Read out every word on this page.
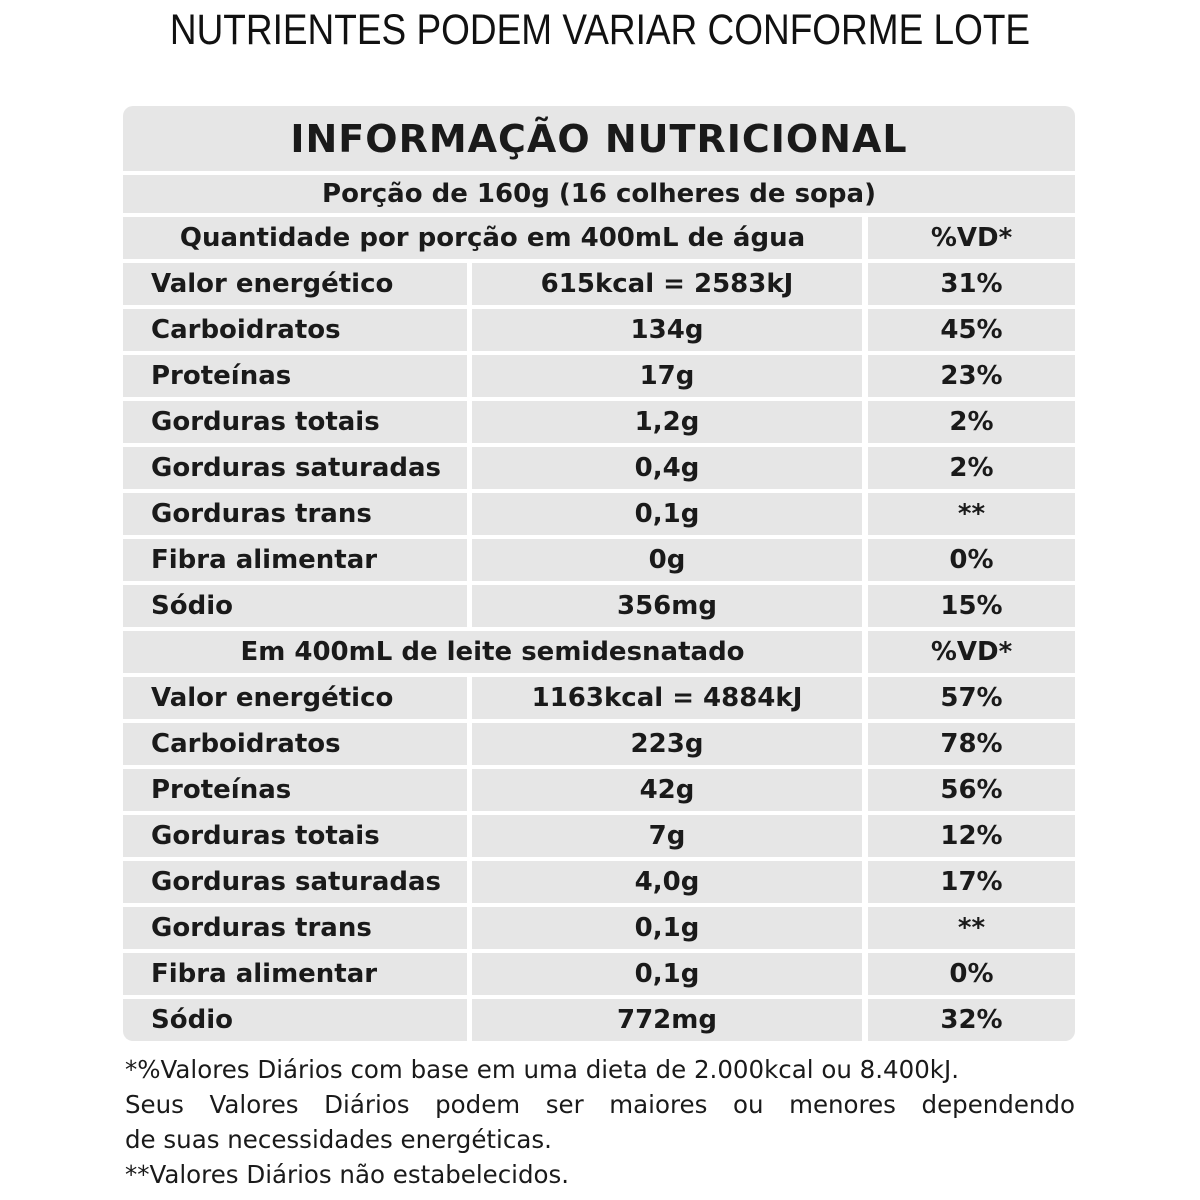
NUTRIENTES PODEM VARIAR CONFORME LOTE
INFORMAÇÃO NUTRICIONAL
Porção de 160g (16 colheres de sopa)
Quantidade por porção em 400mL de água	%VD*
Valor energético	615kcal = 2583kJ	31%
Carboidratos	134g	45%
Proteínas	17g	23%
Gorduras totais	1,2g	2%
Gorduras saturadas	0,4g	2%
Gorduras trans	0,1g	**
Fibra alimentar	0g	0%
Sódio	356mg	15%
Em 400mL de leite semidesnatado	%VD*
Valor energético	1163kcal = 4884kJ	57%
Carboidratos	223g	78%
Proteínas	42g	56%
Gorduras totais	7g	12%
Gorduras saturadas	4,0g	17%
Gorduras trans	0,1g	**
Fibra alimentar	0,1g	0%
Sódio	772mg	32%
*%Valores Diários com base em uma dieta de 2.000kcal ou 8.400kJ.
Seus Valores Diários podem ser maiores ou menores dependendo
de suas necessidades energéticas.
**Valores Diários não estabelecidos.
